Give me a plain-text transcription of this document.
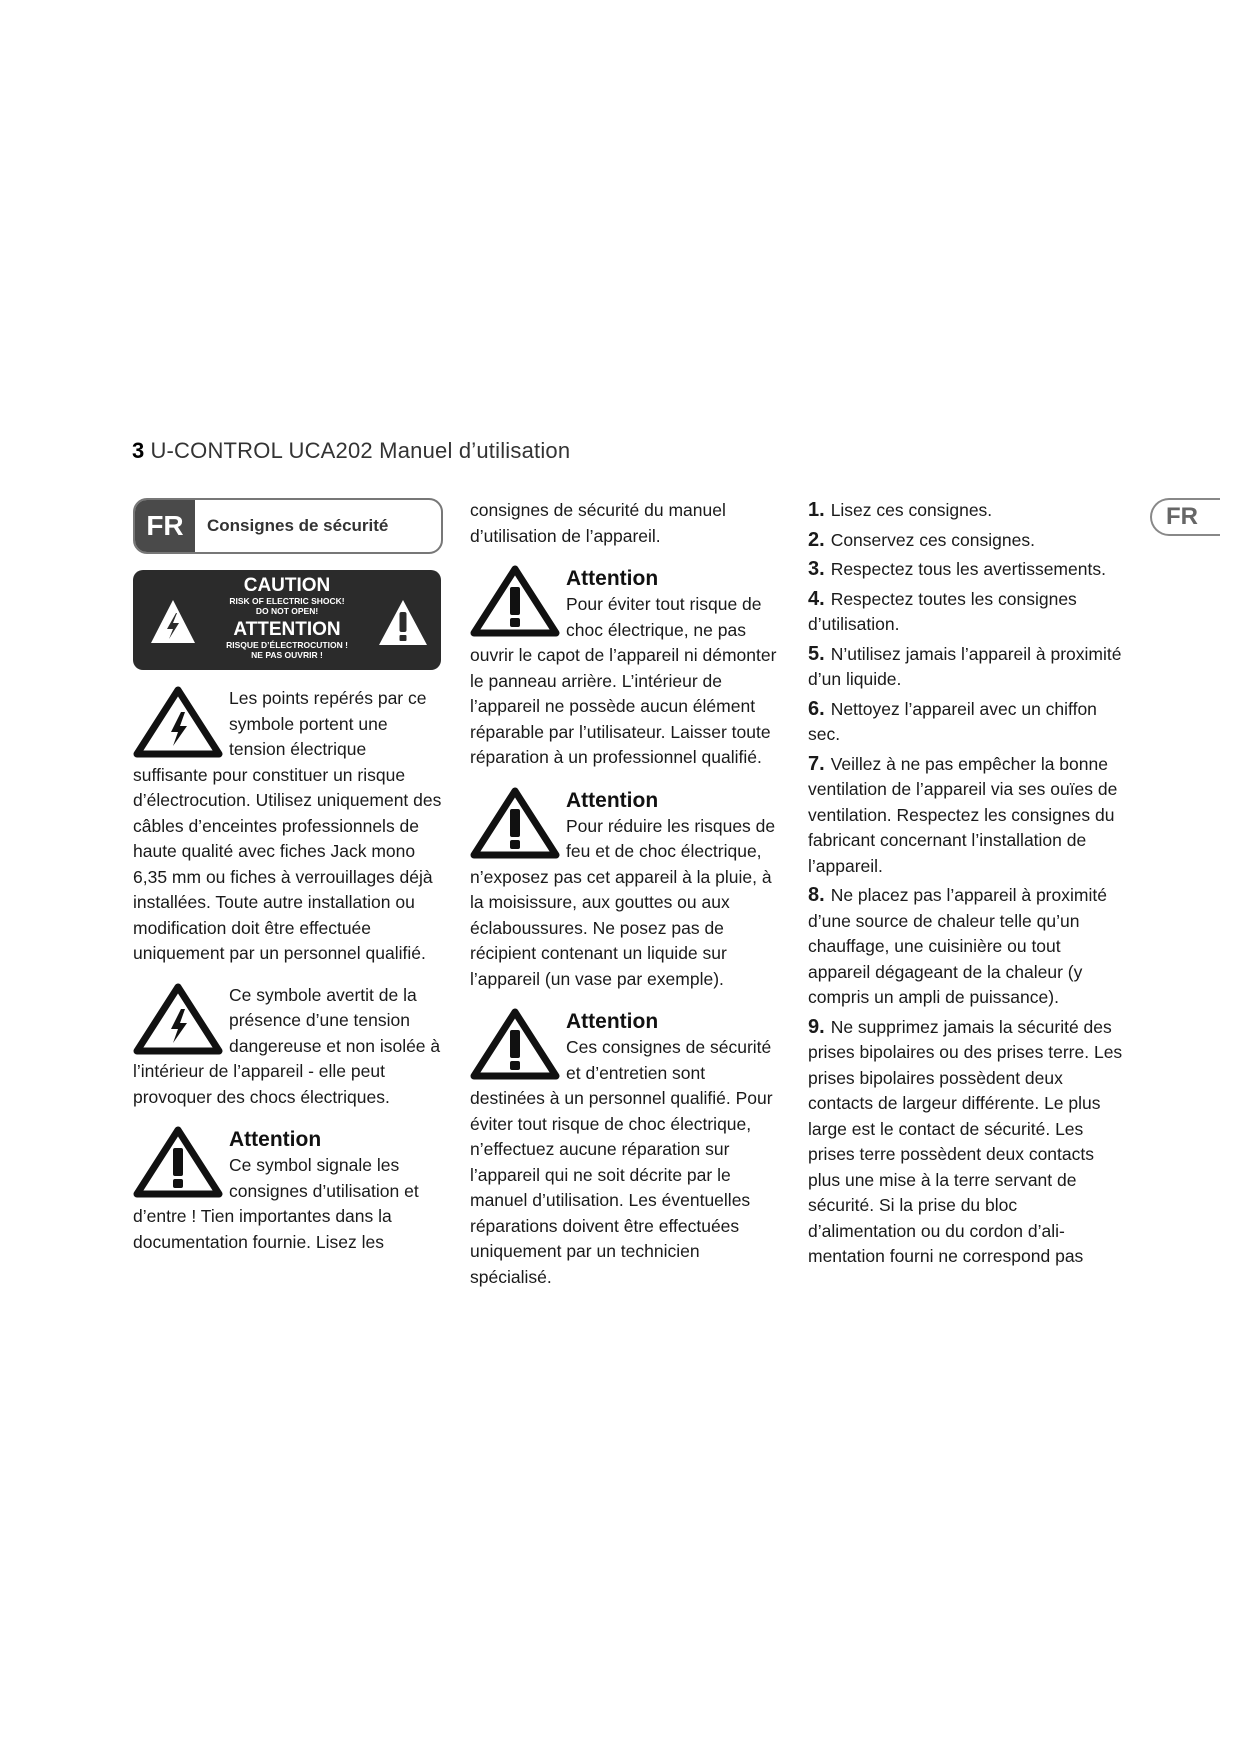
3 U-CONTROL UCA202 Manuel d’utilisation
FR
FR	Consignes de sécurité
CAUTION
RISK OF ELECTRIC SHOCK!
DO NOT OPEN!
ATTENTION
RISQUE D’ÉLECTROCUTION !
NE PAS OUVRIR !

Les points repérés par ce symbole portent une tension électrique suffisante pour constituer un risque d’électrocution. Utilisez uniquement des câbles d’enceintes professionnels de haute qualité avec fiches Jack mono 6,35 mm ou fiches à verrouillages déjà installées. Toute autre installation ou modification doit être effectuée uniquement par un personnel qualifié.

Ce symbole avertit de la présence d’une tension dangereuse et non isolée à l’intérieur de l’appareil - elle peut provoquer des chocs électriques.

Attention

Ce symbol signale les consignes d’utilisation et d’entre ! Tien importantes dans la documentation fournie. Lisez les

consignes de sécurité du manuel d’utilisation de l’appareil.

Attention

Pour éviter tout risque de choc électrique, ne pas ouvrir le capot de l’appareil ni démonter le panneau arrière. L’intérieur de l’appareil ne possède aucun élément réparable par l’utilisateur. Laisser toute réparation à un professionnel qualifié.

Attention

Pour réduire les risques de feu et de choc électrique, n’exposez pas cet appareil à la pluie, à la moisissure, aux gouttes ou aux éclaboussures. Ne posez pas de récipient contenant un liquide sur l’appareil (un vase par exemple).

Attention

Ces consignes de sécurité et d’entretien sont destinées à un personnel qualifié. Pour éviter tout risque de choc électrique, n’effectuez aucune réparation sur l’appareil qui ne soit décrite par le manuel d’utilisation. Les éventuelles réparations doivent être effectuées uniquement par un technicien spécialisé.

1. Lisez ces consignes.
2. Conservez ces consignes.
3. Respectez tous les avertissements.
4. Respectez toutes les consignes d’utilisation.
5. N’utilisez jamais l’appareil à proximité d’un liquide.
6. Nettoyez l’appareil avec un chiffon sec.
7. Veillez à ne pas empêcher la bonne ventilation de l’appareil via ses ouïes de ventilation. Respectez les consignes du fabricant concernant l’installation de l’appareil.
8. Ne placez pas l’appareil à proximité d’une source de chaleur telle qu’un chauffage, une cuisinière ou tout appareil dégageant de la chaleur (y compris un ampli de puissance).
9. Ne supprimez jamais la sécurité des prises bipolaires ou des prises terre. Les prises bipolaires possèdent deux contacts de largeur différente. Le plus large est le contact de sécurité. Les prises terre possèdent deux contacts plus une mise à la terre servant de sécurité. Si la prise du bloc d’alimentation ou du cordon d’ali-mentation fourni ne correspond pas
